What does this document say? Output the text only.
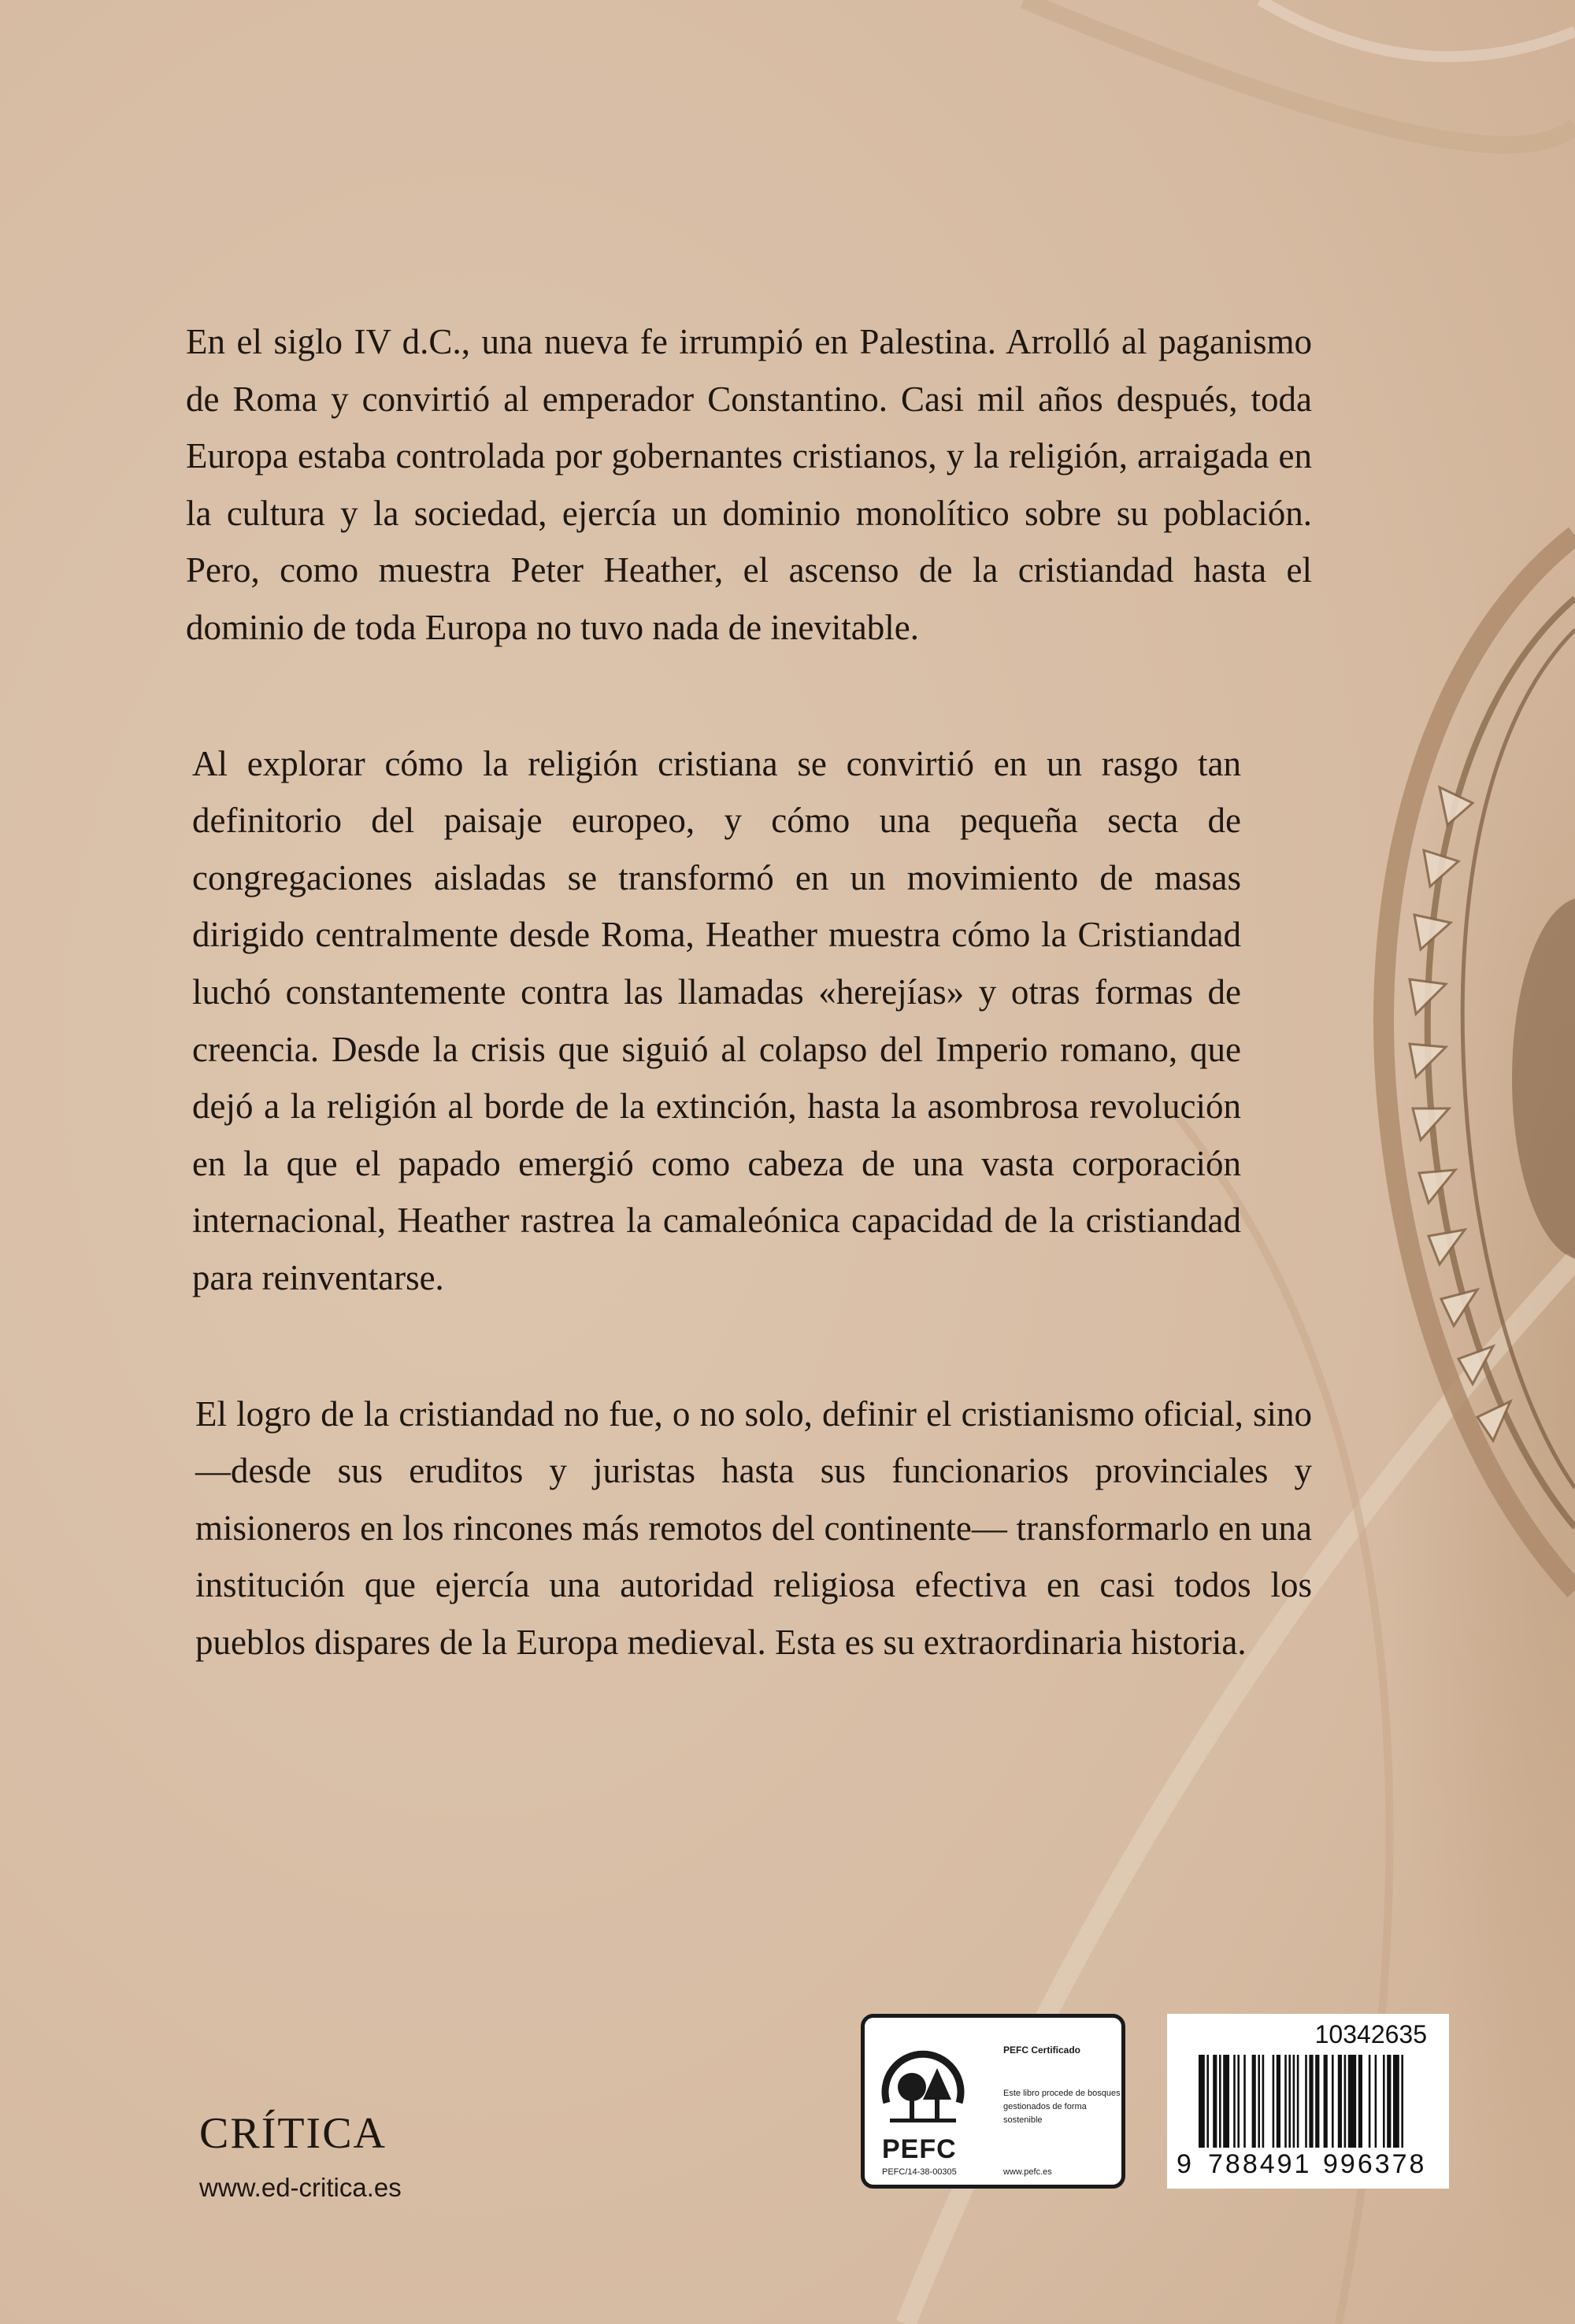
En el siglo IV d.C., una nueva fe irrumpió en Palestina. Arrolló al paganismo de Roma y convirtió al emperador Constantino. Casi mil años después, toda Europa estaba controlada por gobernantes cristianos, y la religión, arraigada en la cultura y la sociedad, ejercía un dominio monolítico sobre su población. Pero, como muestra Peter Heather, el ascenso de la cristiandad hasta el dominio de toda Europa no tuvo nada de inevitable.

Al explorar cómo la religión cristiana se convirtió en un rasgo tan definitorio del paisaje europeo, y cómo una pequeña secta de congregaciones aisladas se transformó en un movimiento de masas dirigido centralmente desde Roma, Heather muestra cómo la Cristiandad luchó constantemente contra las llamadas «herejías» y otras formas de creencia. Desde la crisis que siguió al colapso del Imperio romano, que dejó a la religión al borde de la extinción, hasta la asombrosa revolución en la que el papado emergió como cabeza de una vasta corporación internacional, Heather rastrea la camaleónica capacidad de la cristiandad para reinventarse.

El logro de la cristiandad no fue, o no solo, definir el cristianismo oficial, sino —desde sus eruditos y juristas hasta sus funcionarios provinciales y misioneros en los rincones más remotos del continente— transformarlo en una institución que ejercía una autoridad religiosa efectiva en casi todos los pueblos dispares de la Europa medieval. Esta es su extraordinaria historia.

CRÍTICA
www.ed-critica.es
PEFC
PEFC/14-38-00305
PEFC Certificado
Este libro procede de bosques gestionados de forma sostenible
www.pefc.es
10342635
9 788491 996378
